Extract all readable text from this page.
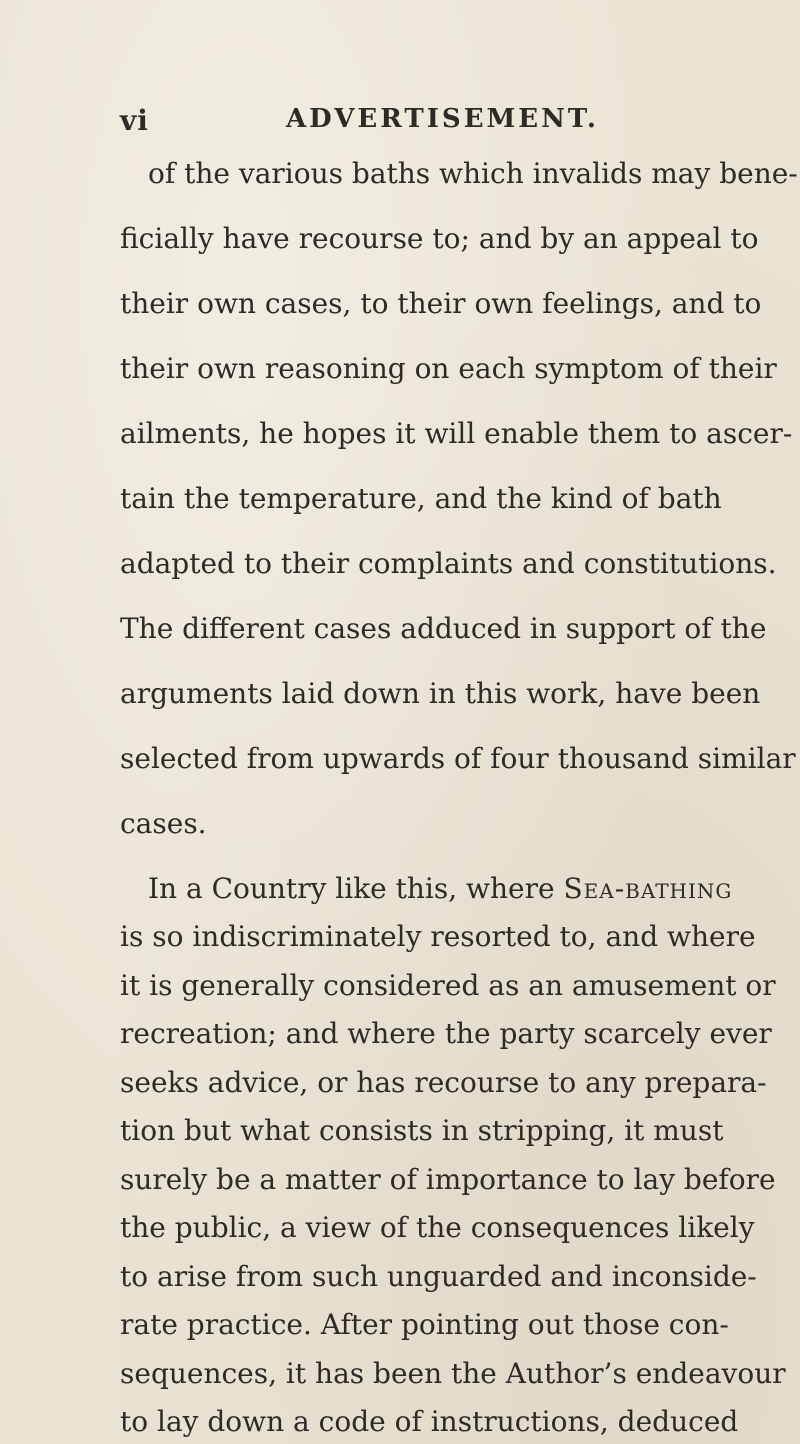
vi	ADVERTISEMENT.
of the various baths which invalids may bene-
ficially have recourse to; and by an appeal to
their own cases, to their own feelings, and to
their own reasoning on each symptom of their
ailments, he hopes it will enable them to ascer-
tain the temperature, and the kind of bath
adapted to their complaints and constitutions.
The different cases adduced in support of the
arguments laid down in this work, have been
selected from upwards of four thousand similar
cases.
In a Country like this, where Sea-bathing
is so indiscriminately resorted to, and where
it is generally considered as an amusement or
recreation; and where the party scarcely ever
seeks advice, or has recourse to any prepara-
tion but what consists in stripping, it must
surely be a matter of importance to lay before
the public, a view of the consequences likely
to arise from such unguarded and inconside-
rate practice. After pointing out those con-
sequences, it has been the Author’s endeavour
to lay down a code of instructions, deduced
